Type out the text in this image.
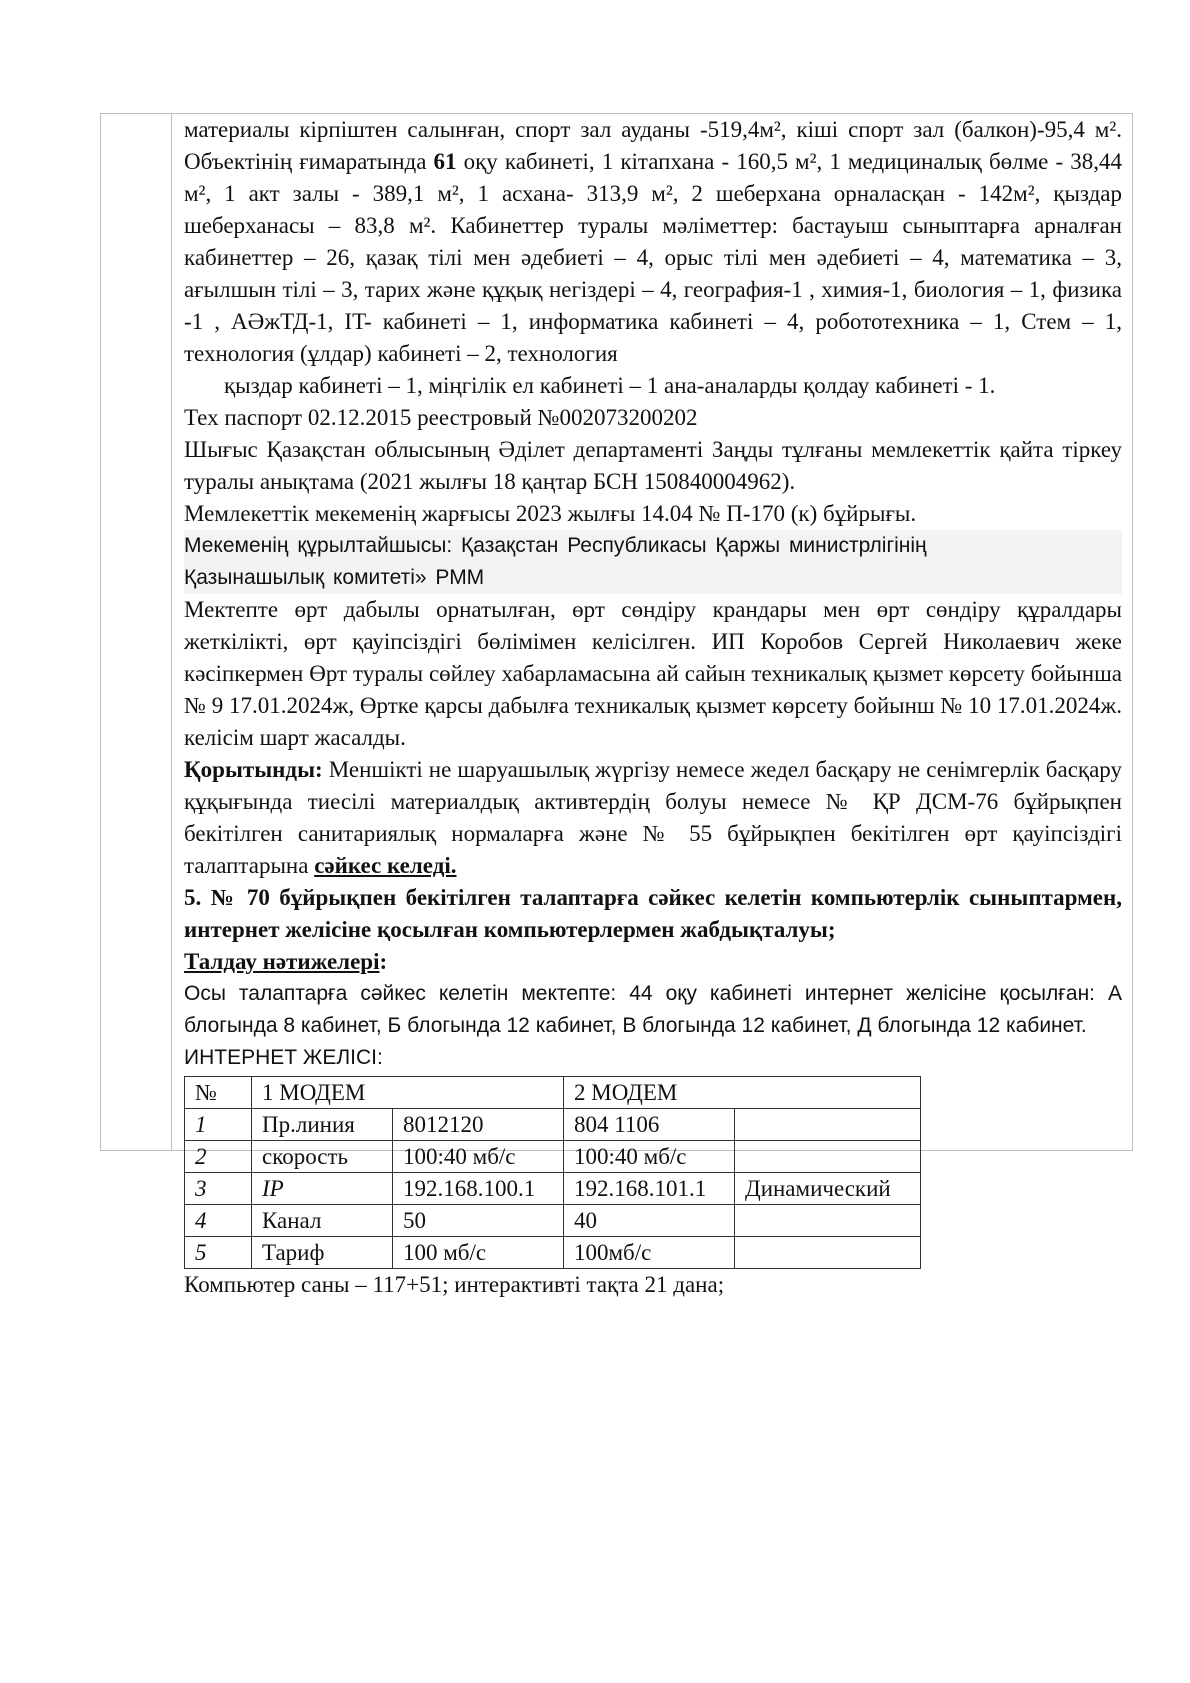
материалы кірпіштен салынған, спорт зал ауданы -519,4м², кіші спорт зал (балкон)-95,4 м². Объектінің ғимаратында 61 оқу кабинеті, 1 кітапхана - 160,5 м², 1 медициналық бөлме - 38,44 м², 1 акт залы - 389,1 м², 1 асхана- 313,9 м², 2 шеберхана орналасқан - 142м², қыздар шеберханасы – 83,8 м². Кабинеттер туралы мәліметтер: бастауыш сыныптарға арналған кабинеттер – 26, қазақ тілі мен әдебиеті – 4, орыс тілі мен әдебиеті – 4, математика – 3, ағылшын тілі – 3, тарих және құқық негіздері – 4, география-1 , химия-1, биология – 1, физика -1 , АӘжТД-1, IT- кабинеті – 1, информатика кабинеті – 4, робототехника – 1, Стем – 1, технология (ұлдар) кабинеті – 2, технология

қыздар кабинеті – 1, мiңгiлiк ел кабинеті – 1 ана-аналарды қолдау кабинеті - 1.

Тех паспорт 02.12.2015 реестровый №002073200202

Шығыс Қазақстан облысының Әділет департаменті Заңды тұлғаны мемлекеттік қайта тіркеу туралы анықтама (2021 жылғы 18 қаңтар БСН 150840004962).

Мемлекеттік мекеменің жарғысы 2023 жылғы 14.04 № П-170 (к) бұйрығы.

Мекеменің құрылтайшысы: Қазақстан Республикасы Қаржы министрлігінің Қазынашылық комитеті» РММ

Мектепте өрт дабылы орнатылған, өрт сөндіру крандары мен өрт сөндіру құралдары жеткілікті, өрт қауіпсіздігі бөлімімен келісілген. ИП Коробов Сергей Николаевич жеке кәсіпкермен Өрт туралы сөйлеу хабарламасына ай сайын техникалық қызмет көрсету бойынша № 9 17.01.2024ж, Өртке қарсы дабылға техникалық қызмет көрсету бойынш № 10 17.01.2024ж. келісім шарт жасалды.

Қорытынды: Меншікті не шаруашылық жүргізу немесе жедел басқару не сенімгерлік басқару құқығында тиесілі материалдық активтердің болуы немесе № ҚР ДСМ-76 бұйрықпен бекітілген санитариялық нормаларға және № 55 бұйрықпен бекітілген өрт қауіпсіздігі талаптарына сәйкес келеді.

5. № 70 бұйрықпен бекітілген талаптарға сәйкес келетін компьютерлік сыныптармен, интернет желісіне қосылған компьютерлермен жабдықталуы;

Талдау нәтижелері:

Осы талаптарға сәйкес келетін мектепте: 44 оқу кабинеті интернет желісіне қосылған: А блогында 8 кабинет, Б блогында 12 кабинет, В блогында 12 кабинет, Д блогында 12 кабинет.

ИНТЕРНЕТ ЖЕЛІСІ:

№	1 МОДЕМ		2 МОДЕМ	
1	Пр.линия	8012120	804 1106	
2	скорость	100:40 мб/с	100:40 мб/с	
3	IP	192.168.100.1	192.168.101.1	Динамический
4	Канал	50	40	
5	Тариф	100 мб/с	100мб/с	

Компьютер саны – 117+51; интерактивті тақта 21 дана;
